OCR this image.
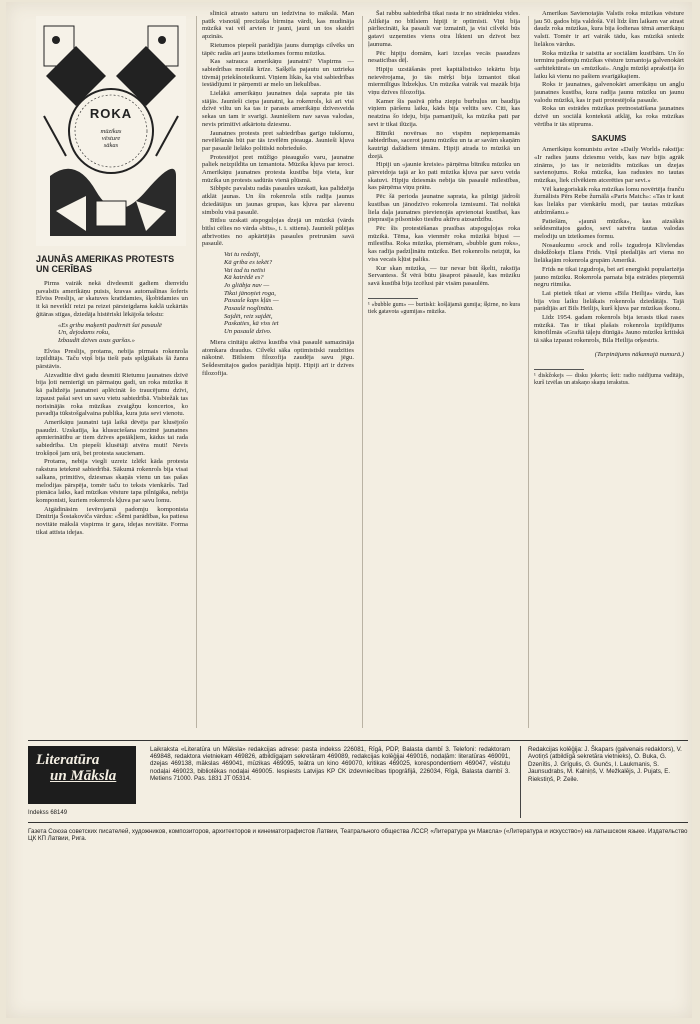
ROKA
mūzikas
vēsture
sākas
JAUNĀS AMERIKAS PROTESTS UN CERĪBAS

Pirms vairāk nekā divdesmit gadiem dienvidu pavalstīs amerikāņu puisis, kravas automašīnas šoferis Elviss Preslijs, ar skatuves kratīdamies, šķobīdamies un it kā neveiklī reizi pa reizei pārsteigdams kaklā uzkārtās ģitāras stīgas, dziedāja histēriski lēkājoša tekstu:

«Es gribu maķenīt padirnēt šai pasaulē
Un, dejodams roku,
Izbaudīt dzīves asas garšas.»

Elviss Preslijs, protams, nebija pirmais rokenrola izpildītājs. Taču viņš bija tieši pats spilgtākais šā žanra pārstāvis.

Aizvadītie divi gadu desmiti Rietumu jaunatnes dzīvē bija ļoti nemierīgi un pārmaiņu gadi, un roka mūzika it kā palīdzēja jaunatnei aplēcināt šo traucējumu dzīvi, izpaust pašai sevi un savu vietu sabiedrībā. Visbiežāk tas norisinājās roka mūzikas zvaigžņu koncertos, ko pavadīja tūkstošgalvaina publika, kura juta sevi vienotu.

Amerikāņu jaunatni tajā laikā dēvēja par klusējošo paaudzi. Uzskatīja, ka klusuciešana nozīmē jaunatnes apmierinātību ar tiem dzīves apstākļiem, kādus tai rada sabiedrība. Un piepeši klusētāji atvēra muti! Nevis trokšņoš jam urā, bet protesta saucienam.

Protams, nebija viegli uzreiz izlēkt kāda protesta rakstura ietekmē sabiedrībā. Sākumā rokenrols bija visai salkans, primitīvs, dziesmas skaņās vienu un tas pašas melodijas pārspēja, tomēr taču to teksts vienkāršs. Tad pienāca laiks, kad mūzikas vēsture tapa pilnīgāka, nebija komponisti, kuriem rokenrols kļuva par savu lomu.

Atgādināsim ievērojamā padomju komponista Dmitrija Šostakoviča vārdus: «Šēmi parādības, ka patiesa novitāte mākslā vispirms ir gara, idejas novitāte. Forma tikai attīsta idejas.

slīnicā atrasto saturu un iedzīvina to mākslā. Man patīk visnotāļ precīzāķa birmiņa vārdi, kas mudināja mūzikā vai vēl arvien ir jauni, jauni un tos skaidri apzinās.

Rietumos piepeši parādījās jauns dumpīgs cilvēks un tāpēc radās arī jauns izteiksmes formu mūzika.

Kas satrauca amerikāņu jaunatni? Vispirms — sabiedrības morālā krīze. Sašķēla pajautu un uztrieka tūvmāj priekšnoteikumi. Viņiem likās, ka visi sabiedrības iestādījumi ir pārņemti ar melo un liekulības.

Lielākā amerikāņu jaunatnes daļa saprata pie tās stājās. Jaunieši ciepa jaunatni, ka rokenrols, kā ari visi dzīvē viltu un ka tas ir parasts amerikāņu dzīvesveida sekas un tam ir svarīgi. Jauniešiem nav savas valodas, nevis primitīvi atkārtotu dziesmu.

Jaunatnes protests pret sabiedrības garīgo tukšumu, nevēlēšanās būt par tās izvēlēm pieauga. Jaunieši kļuva par pasaulē lielāko politiski nobriedušo.

Protestējot pret mūžīgo pieaugušo varu, jaunatne paliek neizpildīta un izmantota. Mūzika kļuva par ieroci. Amerikāņu jaunatnes protesta kustība bija vieta, kur mūzika un protests sadūrās vienā plūsmā.

Sibbpēc pavalstu radās pasaules uzskati, kas palīdzēja atklāt jaunas. Un šis rokenrola stils radīja jaunus dziedātājus un jaunas grupas, kas kļuva par slavenu simbolu visā pasaulē.

Bītlsu uzskati atspoguļojas dzejā un mūzikā (vārds bītlsi cēlies no vārda «bīts», t. i. sitiens). Jaunieši pūlējas atbrīvoties no apkārtējās pasaules pretrunām savā pasaulē.

Vai tu redzēji,
Kā griba es tekēt?
Vai tad tu netīsi
Kā katrēdē es?
Jo gliābja nav —
Tikai jānoņiet roga,
Pasaule kaps kļūs —
Pasaulē noglināta.
Sajdēt, reiz sajdēt,
Paskaties, kā viss iet
Un pasaulē dzīvo.

Miera cinītāju aktīva kustība visā pasaulē samazināja atomkara draudus. Cilvēki sāka optimistiski raudzīties nākotnē. Bītlsiem filozofija zaudēja savu jēgu. Sešdesmitajos gados parādījās hipiji. Hipiji arī ir dzīves filozofija.

Šai rabbu sabiedrībā tikai rasta ir no strādnieku vides. Atlikēja no bītlsiem hipiji ir optimisti. Viņi bija pārliecināti, ka pasauli var izmainīt, ja visi cilvēki būs gatavi uzņemties viens otra likteni un dzīvot bez ļaunuma.

Pēc hipiju domām, kari izceļas vecās paaudzes nesaticības dēļ.

Hipiju uzstāšanās pret kapitālistisko iekārtu bija neievērojama, jo tās mērķi bija izmantot tikai miermīlīgus līdzekļus. Un mūzika vairāk vai mazāk bija viņu dzīves filozofija.

Kamer šis pasīvā pirba ziepju burbuļus un baudīja viņiem pāršenu laiku, kāds bija veltīts sev. Citi, kas neatzina šo ideju, bija pamanījuši, ka mūzika pati par sevi ir tikai ilūzija.

Bītniki novērsas no vispēm nepieņemamās sabiedrības, sacerot jaunu mūziku un ta ar savām skaņām kautrīgi dažādiem tēmām. Hipiji atrada to mūzikā un dzejā.

Hipiji un «jaunie kreisie» pārņēma bītniku mūziku un pārveidoja tajā ar ko pati mūzika kļuva par savu veida skatuvi. Hipiju dziesmās nebija tās pasaulē mīlestības, kas pārņēma viņu prātu.

Pēc šā perioda jaunatne saprata, ka pilnīgi jādroši kustības un jānodzīvo rokenrola izmisumi. Tai nolūkā liela daļa jaunatnes pievienojās apvienotai kustībai, kas pieprasīja pilsonisko tiesību aktīvu aizsardzību.

Pēc šīs protestēšanas prasības atspoguļojas roka mūzikā. Tēma, kas vienmēr roka mūzikā bijusi — mīlestība. Roka mūzika, piemēram, «bubble gum roks», kas radīja padziļinātu mūziku. Bet rokenrolis neizjūt, ka viss vecais kļūst paliks.

Kur skan mūzika, — tur nevar būt šķelti, rakstīja Servantess. Šī vērā būtu jāsaprot pāsaulē, kas mūziku savā kustībā bija izcēlusi pār visām pasaulēm.

¹ «bubble gum» — burtiski: košļājamā gumija; šķirne, no kura tiek gatavota «gumijas» mūzika.

Amerikas Savienotajās Valstīs roka mūzikas vēsture jau 50. gados bija valdošā. Vēl līdz šim laikam var atrast daudz roka mūzikas, kura bija šodienas tēmā amerikāņu valstī. Tomēr ir arī vairāk tādu, kas mūzikā sniedz lielākos vārdus.

Roka mūzika ir saistīta ar sociālām kustībām. Un šo terminu padomju mūzikas vēsture izmantoja galvenokārt «arhitektūrai» un «mūzikai». Angļu mūziķi aprakstīja šo laiku kā vienu no pašiem svarīgākajiem.

Roks ir jaunatnes, galvenokārt amerikāņu un angļu jaunatnes kustība, kura radīja jaunu mūziku un jaunu valodu mūzikā, kas ir pati protestējoša pasaule.

Roka un estrādes mūzikas pretnostatīšana jaunatnes dzīvē un sociālā kontekstā atklāj, ka roka mūzikas vērtība ir tās stiprums.

SAKUMS

Amerikāņu komunistu avīze «Daily World» rakstīja: «Ir radies jauns dziesmu veids, kas nav bijis agrāk zināms, jo tas ir neizrādīts mūzikas un dzejas savienojums. Roka mūzika, kas radusies no tautas mūzikas, liek cilvēkiem atcerēties par sevi.»

Vēl kategoriskāk roka mūzikas lomu novērtēja franču žurnālists Pērs Rebe žurnālā «Paris Match»: «Tas ir kaut kas lielāks par vienkāršu modi, par tautas mūzikas atdzimšanu.»

Patiešām, «jaunā mūzika», kas aizsākās sešdesmitajos gados, sevī satvēra tautas valodas melodiju un izteiksmes formu.

Nosaukumu «rock and roll» izgudroja Klivlendas diskdžokejs Elans Frīds. Viņš piedalījās arī viena no lielākajām rokenrola grupām Amerikā.

Frīds ne tikai izgudroja, bet arī energiski popularizēja jauno mūziku. Rokenrola pamata bija estrādes pieņemtā negru ritmika.

Lai pietiek tikai ar vienu «Bila Heilija» vārdu, kas bija visu laiku lielākais rokenrola dziedātājs. Tajā parādījās arī Bils Heilijs, kurš kļuva par mūzikas ikonu.

Līdz 1954. gadam rokenrols bija ierasts tikai rases mūzikā. Tas ir tikai plašais rokenrola izpildījums kinofilmās «Graftā tāļeju dūnīgā» Jauno mūziku kritiskā tā sāka izpaust rokenrols, Bila Heilija orķestris.

(Turpinājums nākamajā numurā.)
¹ diskžokejs — disku jokeris; šeit: radio raidījuma vadītājs, kurš izvēlas un atskaņo skaņu ierakstus.
Literatūra
un Māksla
Indekss 68149
Laikraksta «Literatūra un Māksla» redakcijas adrese: pasta indekss 226081, Rīgā, PDP, Balasta dambī 3. Telefoni: redaktoram 469848, redaktora vietniekam 469826, atbildīgajam sekretāram 469089, redakcijas kolēģijai 469016, nodaļām: literatūras 469091, dzejas 469138, mākslas 469041, mūzikas 469095, teātra un kino 469070, kritikas 469025, korespondentiem 469047, vēstuļu nodaļai 469023, bibliotēkas nodaļai 469005. Iespiests Latvijas KP CK izdevniecības tipogrāfijā, 226034, Rīgā, Balasta dambī 3. Metiens 71000. Pas. 1831 JT 05314.
Redakcijas kolēģija: J. Škapars (galvenais redaktors), V. Avotiņš (atbildīgā sekretāra vietnieks), O. Buka, G. Dzenītis, J. Grīgulis, G. Gunčs, I. Laukmanis, S. Jaunsudrabs, M. Kalniņš, V. Mežkalējs, J. Pujats, E. Riekstiņš, P. Zeile.
Газета Союза советских писателей, художников, композиторов, архитекторов и кинематографистов Латвии, Театрального общества ЛССР, «Литература ун Максла» («Литература и искусство») на латышском языке. Издательство ЦК КП Латвии, Рига.
